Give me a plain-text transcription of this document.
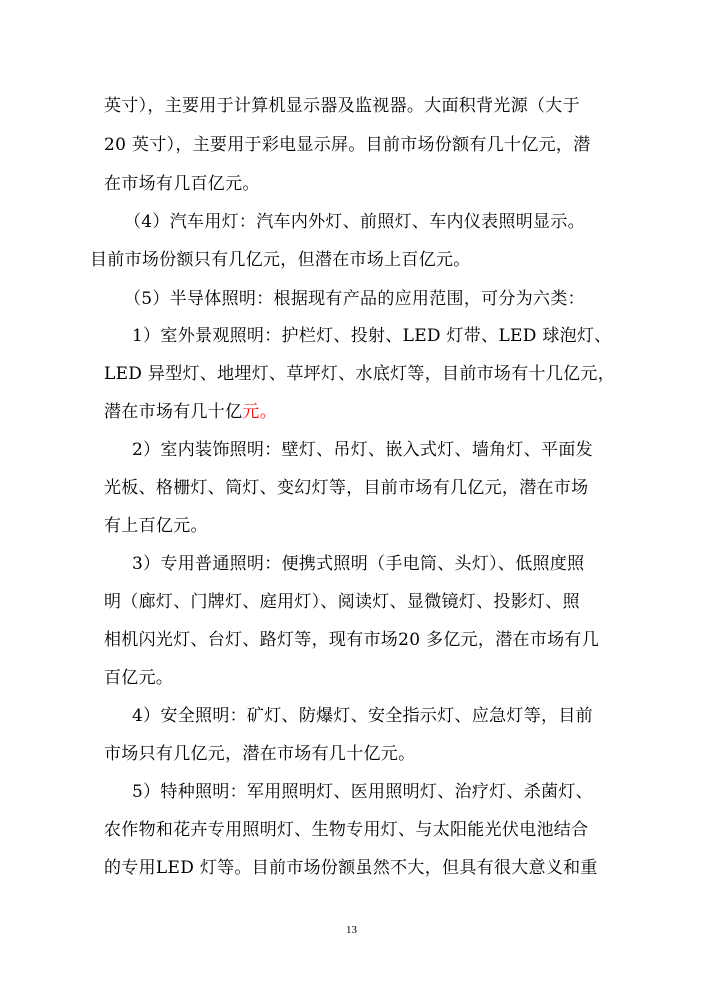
英寸），主要用于计算机显示器及监视器。大面积背光源（大于
20 英寸），主要用于彩电显示屏。目前市场份额有几十亿元，潜
在市场有几百亿元。
（4）汽车用灯：汽车内外灯、前照灯、车内仪表照明显示。
目前市场份额只有几亿元，但潜在市场上百亿元。
（5）半导体照明：根据现有产品的应用范围，可分为六类：
1）室外景观照明：护栏灯、投射、LED 灯带、LED 球泡灯、
LED 异型灯、地埋灯、草坪灯、水底灯等，目前市场有十几亿元，
潜在市场有几十亿元。
2）室内装饰照明：壁灯、吊灯、嵌入式灯、墙角灯、平面发
光板、格栅灯、筒灯、变幻灯等，目前市场有几亿元，潜在市场
有上百亿元。
3）专用普通照明：便携式照明（手电筒、头灯）、低照度照
明（廊灯、门牌灯、庭用灯）、阅读灯、显微镜灯、投影灯、照
相机闪光灯、台灯、路灯等，现有市场20 多亿元，潜在市场有几
百亿元。
4）安全照明：矿灯、防爆灯、安全指示灯、应急灯等，目前
市场只有几亿元，潜在市场有几十亿元。
5）特种照明：军用照明灯、医用照明灯、治疗灯、杀菌灯、
农作物和花卉专用照明灯、生物专用灯、与太阳能光伏电池结合
的专用LED 灯等。目前市场份额虽然不大，但具有很大意义和重
13
